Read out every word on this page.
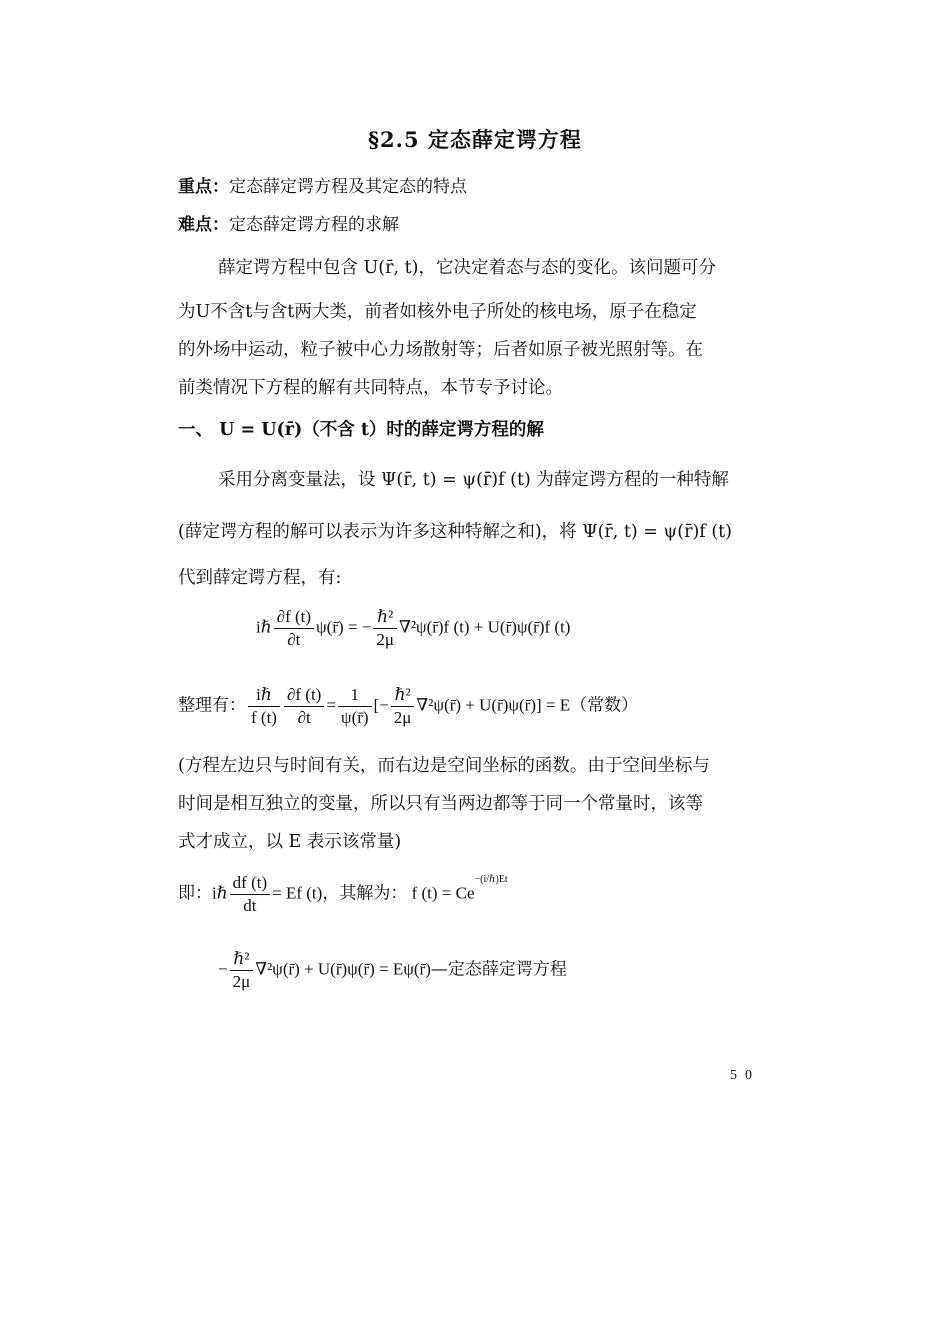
§2.5 定态薛定谔方程
重点：定态薛定谔方程及其定态的特点
难点：定态薛定谔方程的求解
薛定谔方程中包含 U(r̄, t)，它决定着态与态的变化。该问题可分
为U不含t与含t两大类，前者如核外电子所处的核电场，原子在稳定
的外场中运动，粒子被中心力场散射等；后者如原子被光照射等。在
前类情况下方程的解有共同特点，本节专予讨论。
一、 U = U(r̄)（不含 t）时的薛定谔方程的解
采用分离变量法，设 Ψ(r̄, t) = ψ(r̄)f (t) 为薛定谔方程的一种特解
(薛定谔方程的解可以表示为许多这种特解之和)，将 Ψ(r̄, t) = ψ(r̄)f (t)
代到薛定谔方程，有:
iℏ $\frac{\partial f (t)}{\partial t}$ ψ(r̄) = − $\frac{\text{ℏ²}}{2\mu}$ ∇²ψ(r̄)f (t) + U(r̄)ψ(r̄)f (t)
整理有： $\frac{\text{iℏ}}{f (t)} \frac{\partial f (t)}{\partial t} = \frac{1}{\psi(r̄)}$ [− $\frac{\text{ℏ²}}{2\mu}$ ∇²ψ(r̄) + U(r̄)ψ(r̄)] = E（常数）
(方程左边只与时间有关，而右边是空间坐标的函数。由于空间坐标与
时间是相互独立的变量，所以只有当两边都等于同一个常量时，该等
式才成立，以 E 表示该常量)
即：iℏ $\frac{df (t)}{dt} = Ef$ (t)，其解为： f $(t) = Ce^{-(i/\hbar)Et}$
− $\frac{\text{ℏ²}}{2\mu}$ ∇²ψ(r̄) + U(r̄)ψ(r̄) = Eψ(r̄)—定态薛定谔方程
50
